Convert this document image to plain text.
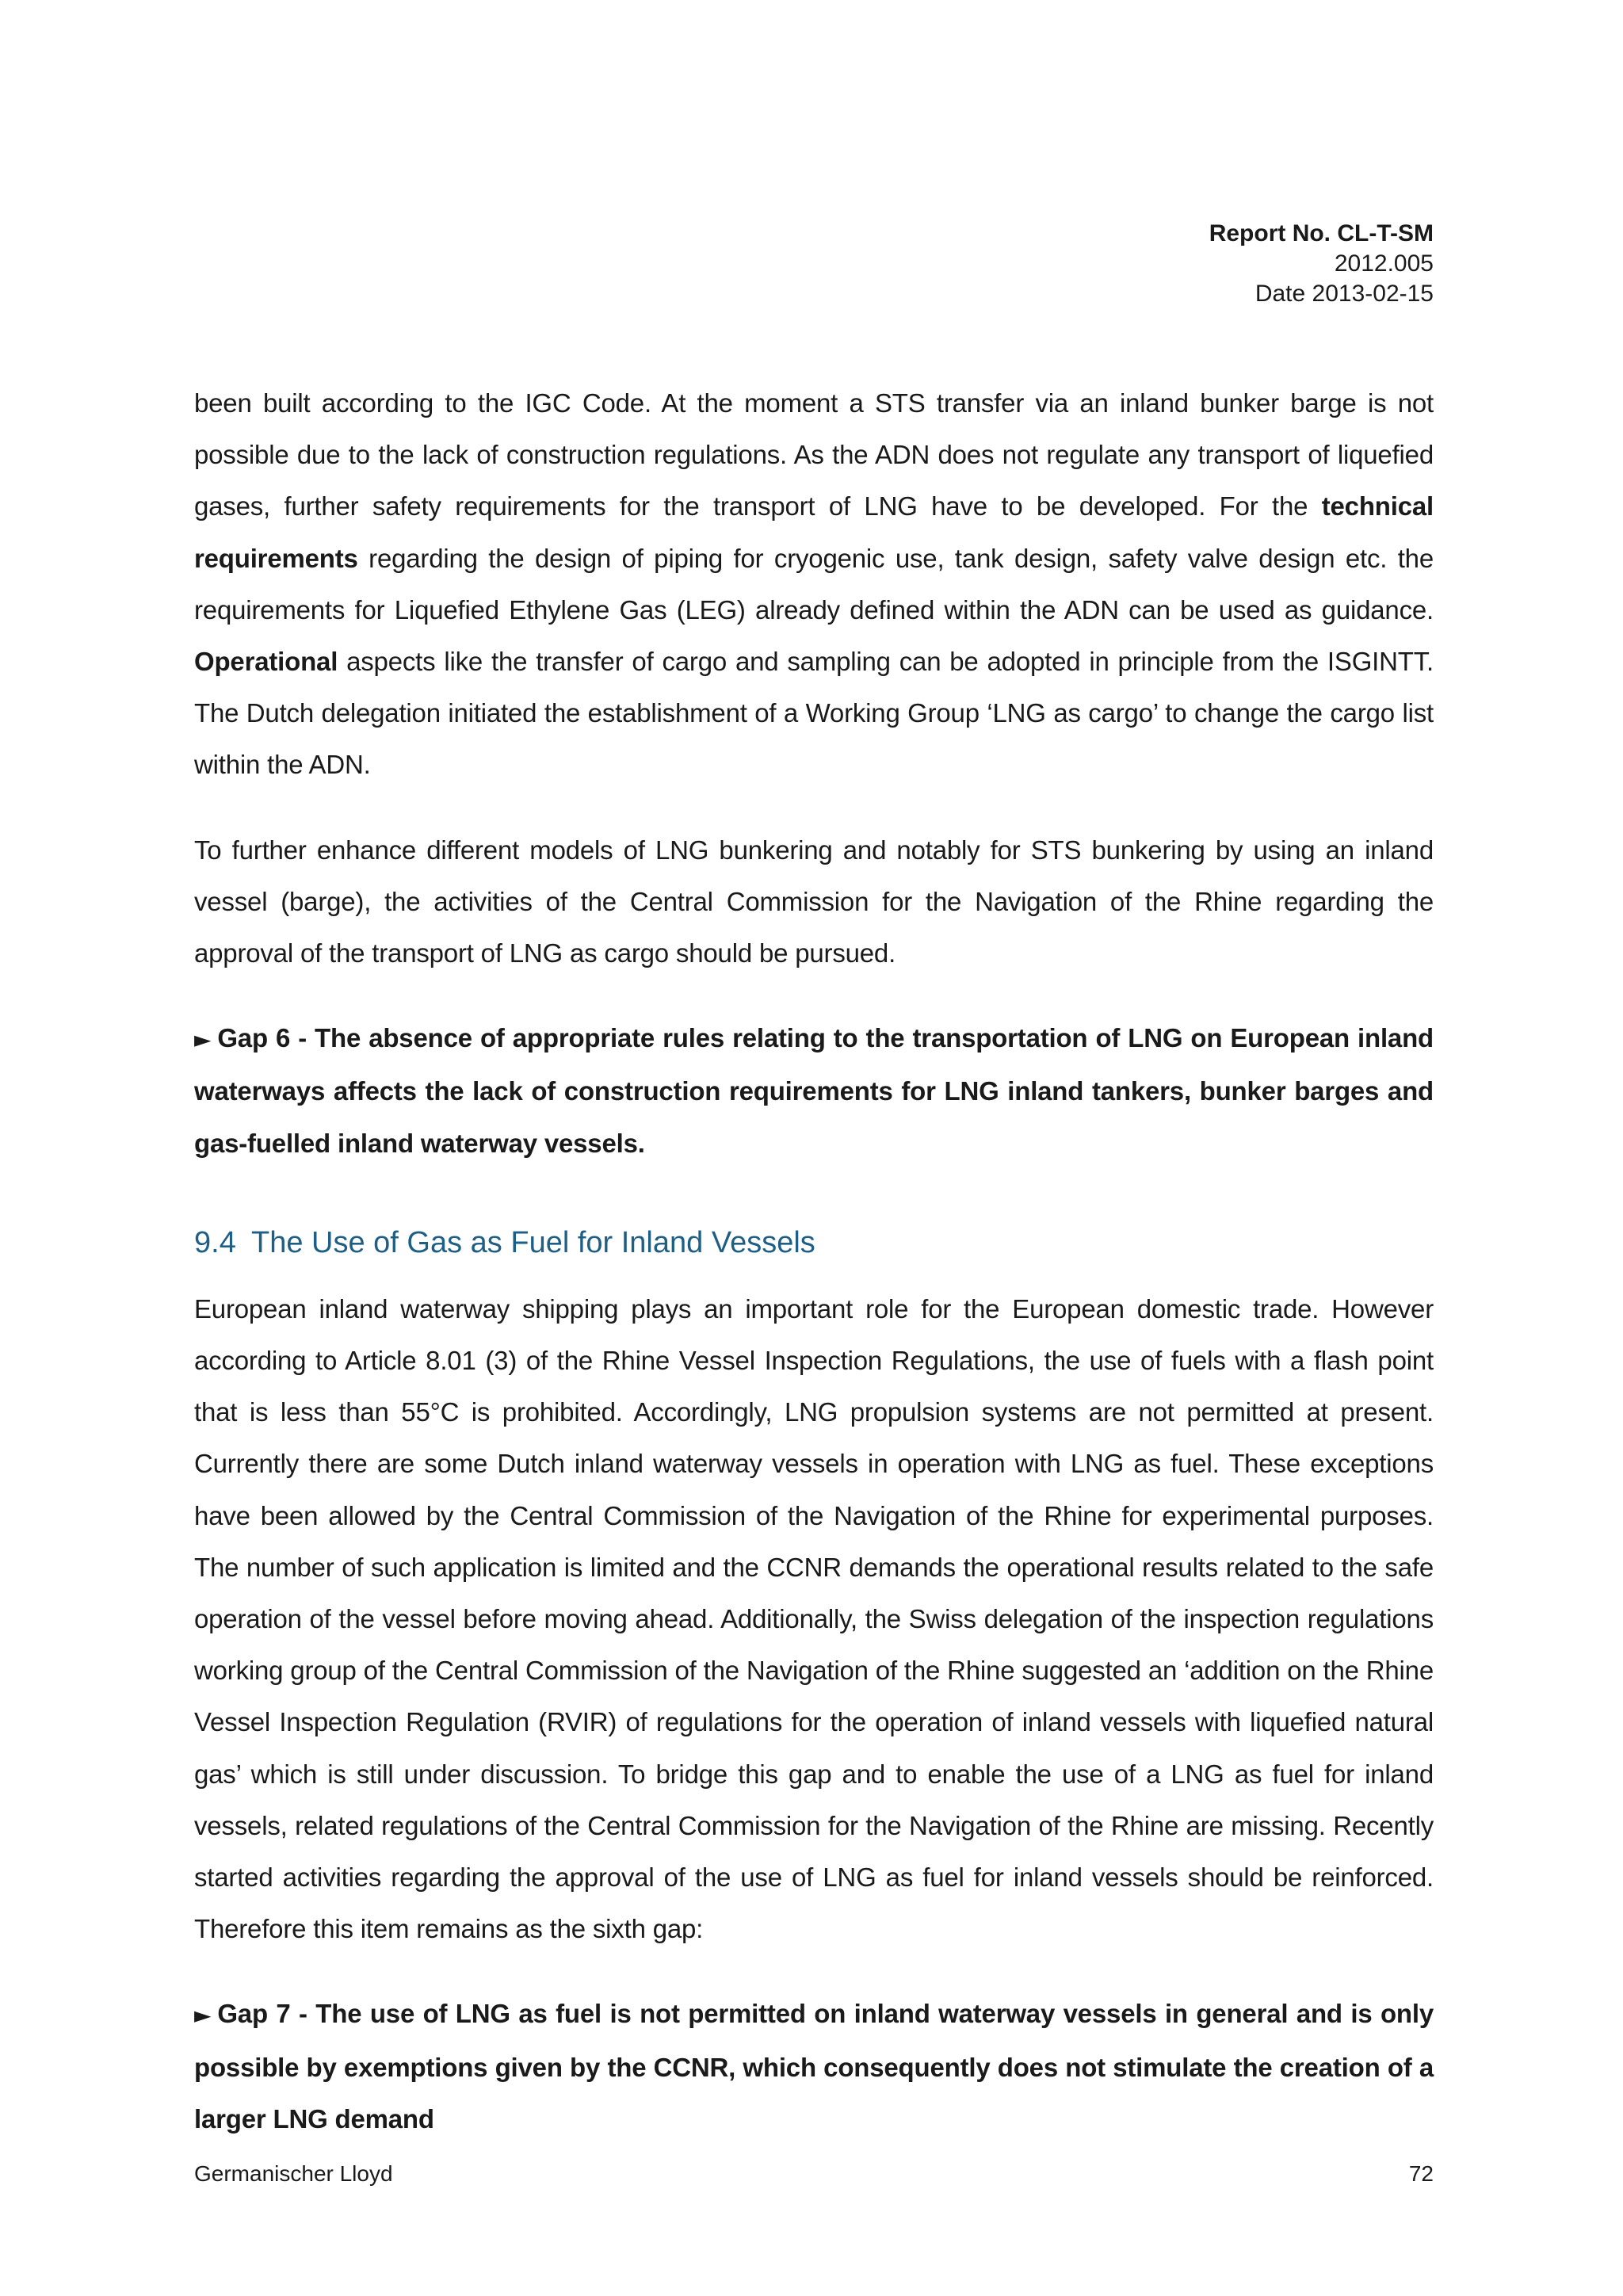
Report No. CL-T-SM
2012.005
Date 2013-02-15

been built according to the IGC Code. At the moment a STS transfer via an inland bunker barge is not possible due to the lack of construction regulations. As the ADN does not regulate any transport of liquefied gases, further safety requirements for the transport of LNG have to be developed. For the technical requirements regarding the design of piping for cryogenic use, tank design, safety valve design etc. the requirements for Liquefied Ethylene Gas (LEG) already defined within the ADN can be used as guidance. Operational aspects like the transfer of cargo and sampling can be adopted in principle from the ISGINTT. The Dutch delegation initiated the establishment of a Working Group ‘LNG as cargo’ to change the cargo list within the ADN.

To further enhance different models of LNG bunkering and notably for STS bunkering by using an inland vessel (barge), the activities of the Central Commission for the Navigation of the Rhine regarding the approval of the transport of LNG as cargo should be pursued.

► Gap 6 - The absence of appropriate rules relating to the transportation of LNG on European inland waterways affects the lack of construction requirements for LNG inland tankers, bunker barges and gas-fuelled inland waterway vessels.

9.4 The Use of Gas as Fuel for Inland Vessels

European inland waterway shipping plays an important role for the European domestic trade. However according to Article 8.01 (3) of the Rhine Vessel Inspection Regulations, the use of fuels with a flash point that is less than 55°C is prohibited. Accordingly, LNG propulsion systems are not permitted at present. Currently there are some Dutch inland waterway vessels in operation with LNG as fuel. These exceptions have been allowed by the Central Commission of the Navigation of the Rhine for experimental purposes. The number of such application is limited and the CCNR demands the operational results related to the safe operation of the vessel before moving ahead. Additionally, the Swiss delegation of the inspection regulations working group of the Central Commission of the Navigation of the Rhine suggested an ‘addition on the Rhine Vessel Inspection Regulation (RVIR) of regulations for the operation of inland vessels with liquefied natural gas’ which is still under discussion. To bridge this gap and to enable the use of a LNG as fuel for inland vessels, related regulations of the Central Commission for the Navigation of the Rhine are missing. Recently started activities regarding the approval of the use of LNG as fuel for inland vessels should be reinforced. Therefore this item remains as the sixth gap:

► Gap 7 - The use of LNG as fuel is not permitted on inland waterway vessels in general and is only possible by exemptions given by the CCNR, which consequently does not stimulate the creation of a larger LNG demand

Germanischer Lloyd	72
